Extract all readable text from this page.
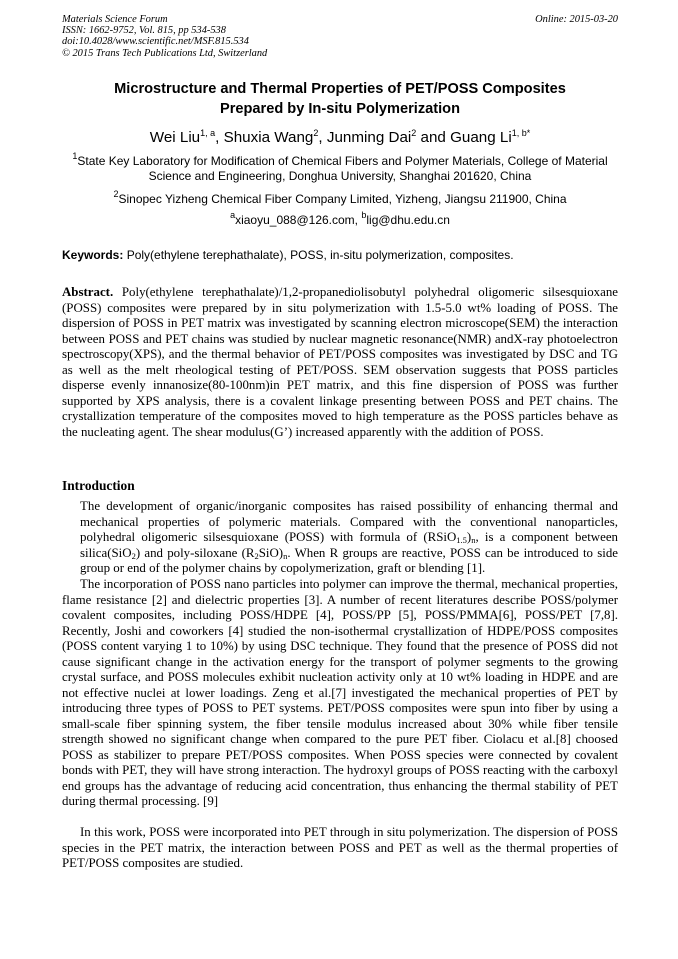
Materials Science Forum
ISSN: 1662-9752, Vol. 815, pp 534-538
doi:10.4028/www.scientific.net/MSF.815.534
© 2015 Trans Tech Publications Ltd, Switzerland
Online: 2015-03-20
Microstructure and Thermal Properties of PET/POSS Composites
Prepared by In-situ Polymerization
Wei Liu$^{1, a}$, Shuxia Wang$^2$, Junming Dai$^2$ and Guang $Li^{1, b*}$
$^1$State Key Laboratory for Modification of Chemical Fibers and Polymer Materials, College of Material Science and Engineering, Donghua University, Shanghai 201620, China
$^2$Sinopec Yizheng Chemical Fiber Company Limited, Yizheng, Jiangsu 211900, China
$^a$xiaoyu_088@126.com, $^b$lig@dhu.edu.cn
Keywords: Poly(ethylene terephathalate), POSS, in-situ polymerization, composites.

Abstract. Poly(ethylene terephathalate)/1,2-propanediolisobutyl polyhedral oligomeric silsesquioxane (POSS) composites were prepared by in situ polymerization with 1.5-5.0 wt% loading of POSS. The dispersion of POSS in PET matrix was investigated by scanning electron microscope(SEM) the interaction between POSS and PET chains was studied by nuclear magnetic resonance(NMR) andX-ray photoelectron spectroscopy(XPS), and the thermal behavior of PET/POSS composites was investigated by DSC and TG as well as the melt rheological testing of PET/POSS. SEM observation suggests that POSS particles disperse evenly innanosize(80-100nm)in PET matrix, and this fine dispersion of POSS was further supported by XPS analysis, there is a covalent linkage presenting between POSS and PET chains. The crystallization temperature of the composites moved to high temperature as the POSS particles behave as the nucleating agent. The shear modulus(G’) increased apparently with the addition of POSS.

Introduction

The development of organic/inorganic composites has raised possibility of enhancing thermal and mechanical properties of polymeric materials. Compared with the conventional nanoparticles, polyhedral oligomeric silsesquioxane (POSS) with formula of $(RSiO_{1.5})_n$, is a component between silica(SiO$_2$) and poly-siloxane $(R_2SiO)_n$. When R groups are reactive, POSS can be introduced to side group or end of the polymer chains by copolymerization, graft or blending [1].

The incorporation of POSS nano particles into polymer can improve the thermal, mechanical properties, flame resistance [2] and dielectric properties [3]. A number of recent literatures describe POSS/polymer covalent composites, including POSS/HDPE [4], POSS/PP [5], POSS/PMMA[6], POSS/PET [7,8]. Recently, Joshi and coworkers [4] studied the non-isothermal crystallization of HDPE/POSS composites (POSS content varying 1 to 10%) by using DSC technique. They found that the presence of POSS did not cause significant change in the activation energy for the transport of polymer segments to the growing crystal surface, and POSS molecules exhibit nucleation activity only at 10 wt% loading in HDPE and are not effective nuclei at lower loadings. Zeng et al.[7] investigated the mechanical properties of PET by introducing three types of POSS to PET systems. PET/POSS composites were spun into fiber by using a small-scale fiber spinning system, the fiber tensile modulus increased about 30% while fiber tensile strength showed no significant change when compared to the pure PET fiber. Ciolacu et al.[8] choosed POSS as stabilizer to prepare PET/POSS composites. When POSS species were connected by covalent bonds with PET, they will have strong interaction. The hydroxyl groups of POSS reacting with the carboxyl end groups has the advantage of reducing acid concentration, thus enhancing the thermal stability of PET during thermal processing. [9]

In this work, POSS were incorporated into PET through in situ polymerization. The dispersion of POSS species in the PET matrix, the interaction between POSS and PET as well as the thermal properties of PET/POSS composites are studied.
